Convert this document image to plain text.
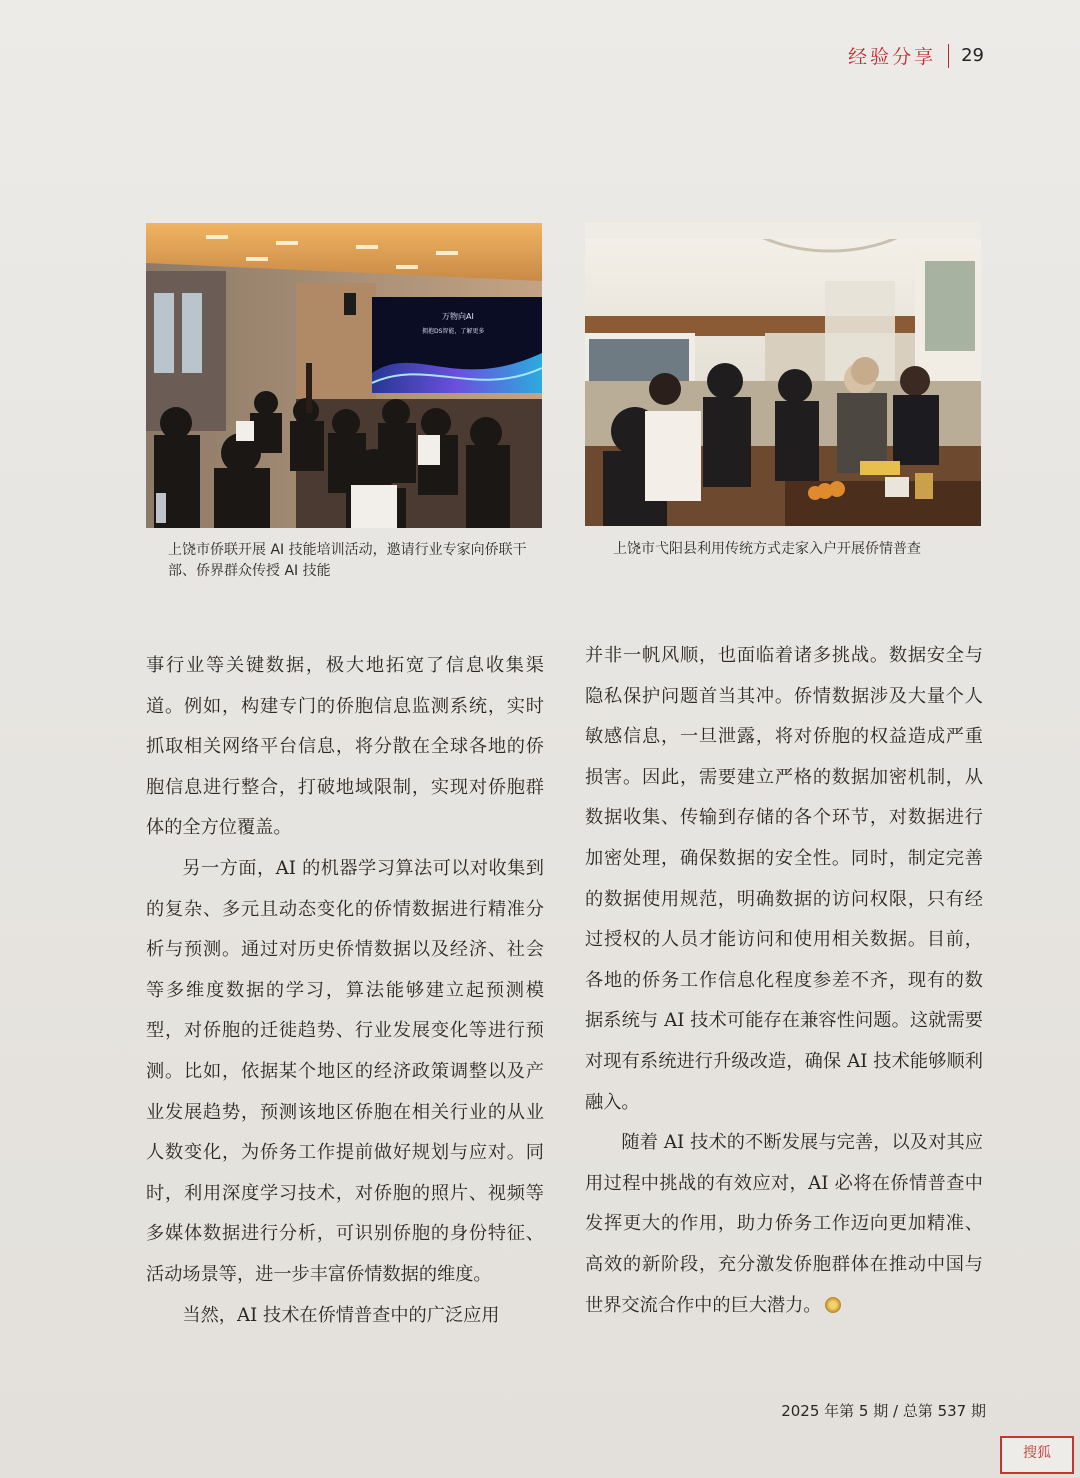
经验分享 29
万物向AI
拥抱DS智能，了解更多
上饶市侨联开展 AI 技能培训活动，邀请行业专家向侨联干部、侨界群众传授 AI 技能
上饶市弋阳县利用传统方式走家入户开展侨情普查

事行业等关键数据，极大地拓宽了信息收集渠道。例如，构建专门的侨胞信息监测系统，实时抓取相关网络平台信息，将分散在全球各地的侨胞信息进行整合，打破地域限制，实现对侨胞群体的全方位覆盖。

另一方面，AI 的机器学习算法可以对收集到的复杂、多元且动态变化的侨情数据进行精准分析与预测。通过对历史侨情数据以及经济、社会等多维度数据的学习，算法能够建立起预测模型，对侨胞的迁徙趋势、行业发展变化等进行预测。比如，依据某个地区的经济政策调整以及产业发展趋势，预测该地区侨胞在相关行业的从业人数变化，为侨务工作提前做好规划与应对。同时，利用深度学习技术，对侨胞的照片、视频等多媒体数据进行分析，可识别侨胞的身份特征、活动场景等，进一步丰富侨情数据的维度。

当然，AI 技术在侨情普查中的广泛应用

并非一帆风顺，也面临着诸多挑战。数据安全与隐私保护问题首当其冲。侨情数据涉及大量个人敏感信息，一旦泄露，将对侨胞的权益造成严重损害。因此，需要建立严格的数据加密机制，从数据收集、传输到存储的各个环节，对数据进行加密处理，确保数据的安全性。同时，制定完善的数据使用规范，明确数据的访问权限，只有经过授权的人员才能访问和使用相关数据。目前，各地的侨务工作信息化程度参差不齐，现有的数据系统与 AI 技术可能存在兼容性问题。这就需要对现有系统进行升级改造，确保 AI 技术能够顺利融入。

随着 AI 技术的不断发展与完善，以及对其应用过程中挑战的有效应对，AI 必将在侨情普查中发挥更大的作用，助力侨务工作迈向更加精准、高效的新阶段，充分激发侨胞群体在推动中国与世界交流合作中的巨大潜力。

2025 年第 5 期 / 总第 537 期
搜狐
